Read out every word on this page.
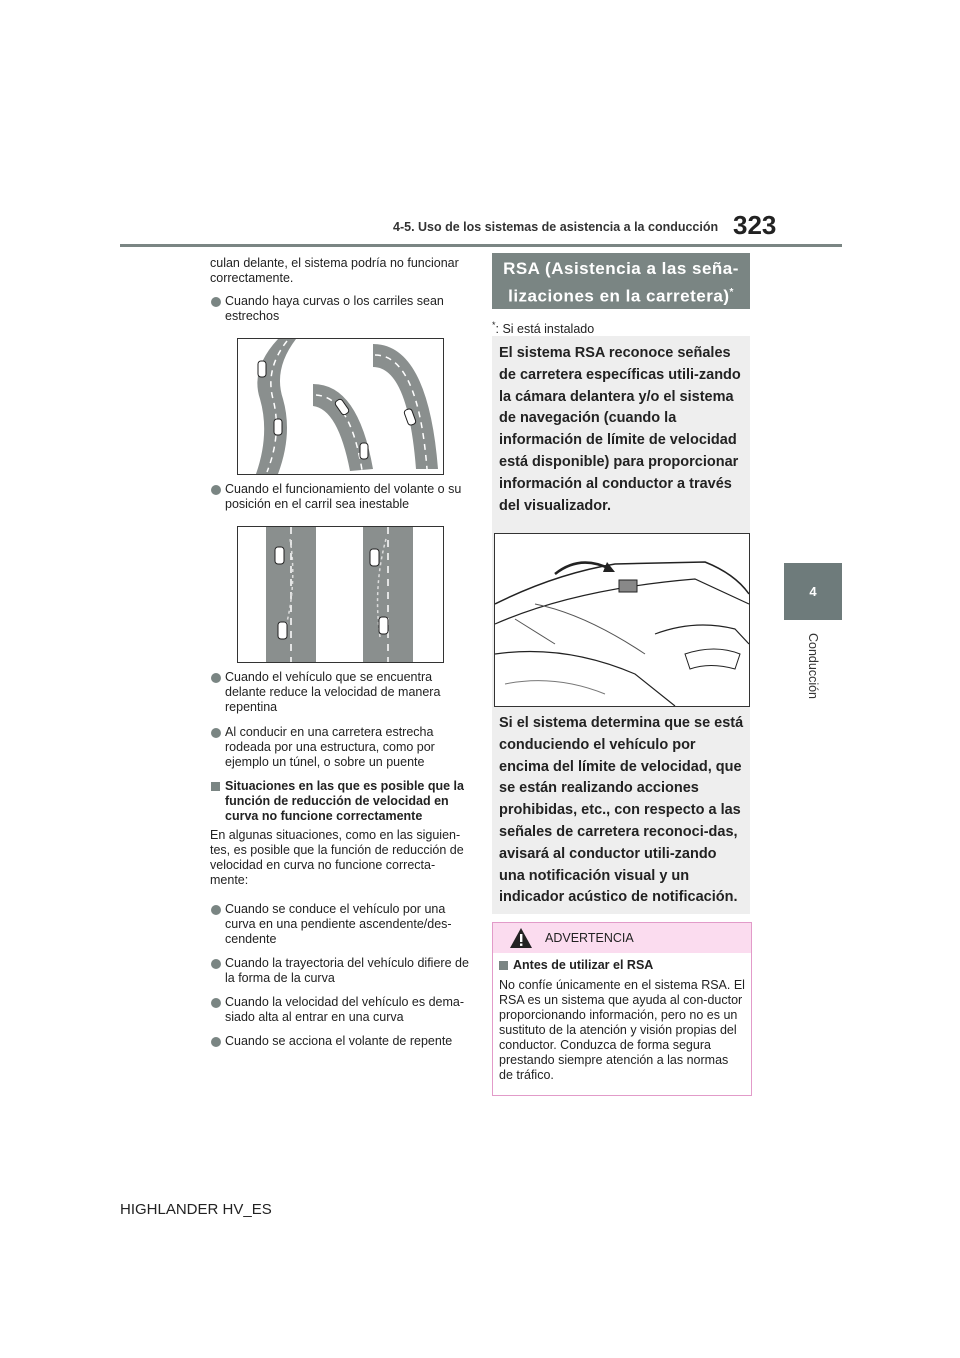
4-5. Uso de los sistemas de asistencia a la conducción 323
4
Conducción
culan delante, el sistema podría no funcionar correctamente.
Cuando haya curvas o los carriles sean estrechos
Cuando el funcionamiento del volante o su posición en el carril sea inestable
Cuando el vehículo que se encuentra delante reduce la velocidad de manera repentina
Al conducir en una carretera estrecha rodeada por una estructura, como por ejemplo un túnel, o sobre un puente
Situaciones en las que es posible que la función de reducción de velocidad en curva no funcione correctamente
En algunas situaciones, como en las siguien-tes, es posible que la función de reducción de velocidad en curva no funcione correcta-mente:
Cuando se conduce el vehículo por una curva en una pendiente ascendente/des-cendente
Cuando la trayectoria del vehículo difiere de la forma de la curva
Cuando la velocidad del vehículo es dema-siado alta al entrar en una curva
Cuando se acciona el volante de repente
RSA (Asistencia a las seña-
lizaciones en la carretera)*
*: Si está instalado
El sistema RSA reconoce señales de carretera específicas utili-zando la cámara delantera y/o el sistema de navegación (cuando la información de límite de velocidad está disponible) para proporcionar información al conductor a través del visualizador.
Si el sistema determina que se está conduciendo el vehículo por encima del límite de velocidad, que se están realizando acciones prohibidas, etc., con respecto a las señales de carretera reconoci-das, avisará al conductor utili-zando una notificación visual y un indicador acústico de notificación.
ADVERTENCIA
Antes de utilizar el RSA
No confíe únicamente en el sistema RSA. El RSA es un sistema que ayuda al con-ductor proporcionando información, pero no es un sustituto de la atención y visión propias del conductor. Conduzca de forma segura prestando siempre atención a las normas de tráfico.
HIGHLANDER HV_ES
